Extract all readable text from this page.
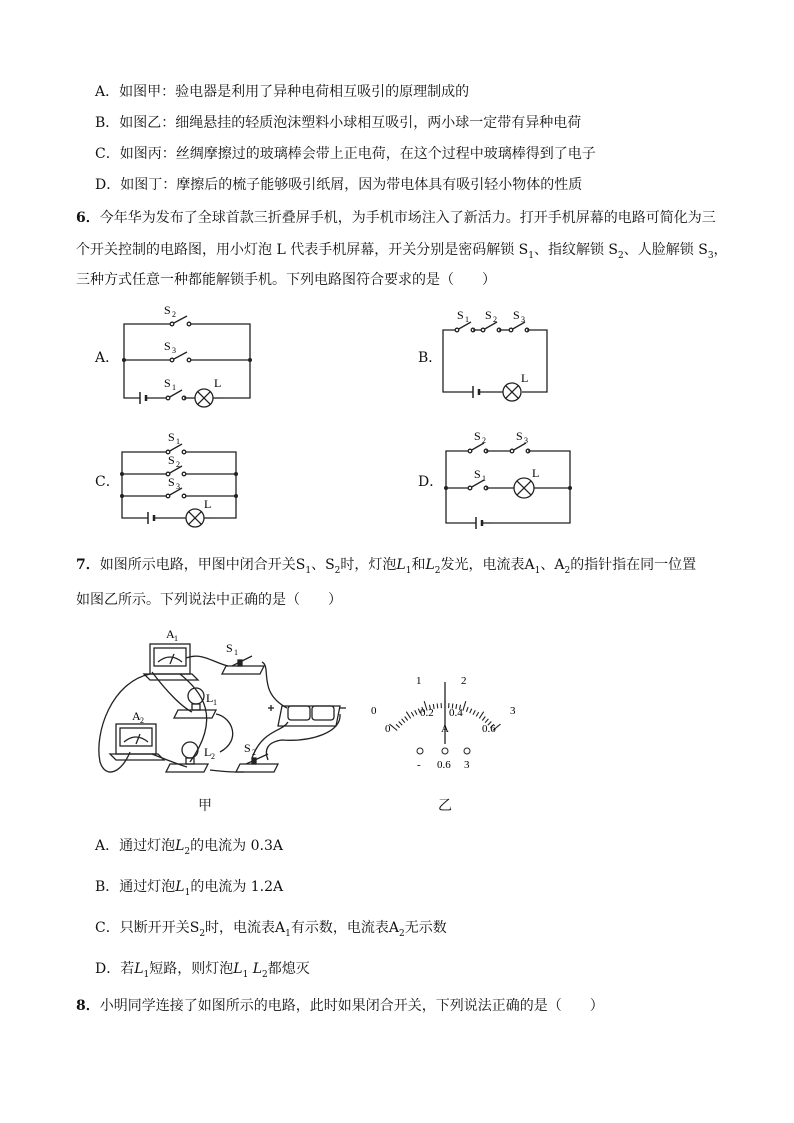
A．如图甲：验电器是利用了异种电荷相互吸引的原理制成的
B．如图乙：细绳悬挂的轻质泡沫塑料小球相互吸引，两小球一定带有异种电荷
C．如图丙：丝绸摩擦过的玻璃棒会带上正电荷，在这个过程中玻璃棒得到了电子
D．如图丁：摩擦后的梳子能够吸引纸屑，因为带电体具有吸引轻小物体的性质
6．今年华为发布了全球首款三折叠屏手机，为手机市场注入了新活力。打开手机屏幕的电路可简化为三
个开关控制的电路图，用小灯泡 L 代表手机屏幕，开关分别是密码解锁 $S_1$、指纹解锁 $S_2$、人脸解锁 $S_3$，
三种方式任意一种都能解锁手机。下列电路图符合要求的是（　　）
A．
S 2
S 3
S 1	L
B．
S 1 S 2 S 3
L
C．
S 1
S 2
S 3
L
D．
S 2	S 3
S 1	L
7．如图所示电路，甲图中闭合开关$S_1$、$S_2$时，灯泡$L_1$和$L_2$发光，电流表$A_1$、$A_2$的指针指在同一位置
如图乙所示。下列说法中正确的是（　　）
A 1
S 1
L 1
A 2
L 2
S 2
甲
0
1	2
3
0
0.2 0.4
0.6
A
- 0.6 3
乙
A．通过灯泡$L_2$的电流为 0.3A
B．通过灯泡$L_1$的电流为 1.2A
C．只断开开关$S_2$时，电流表$A_1$有示数，电流表$A_2$无示数
D．若$L_1$短路，则灯泡$L_1$ $L_2$都熄灭
8．小明同学连接了如图所示的电路，此时如果闭合开关，下列说法正确的是（　　）
